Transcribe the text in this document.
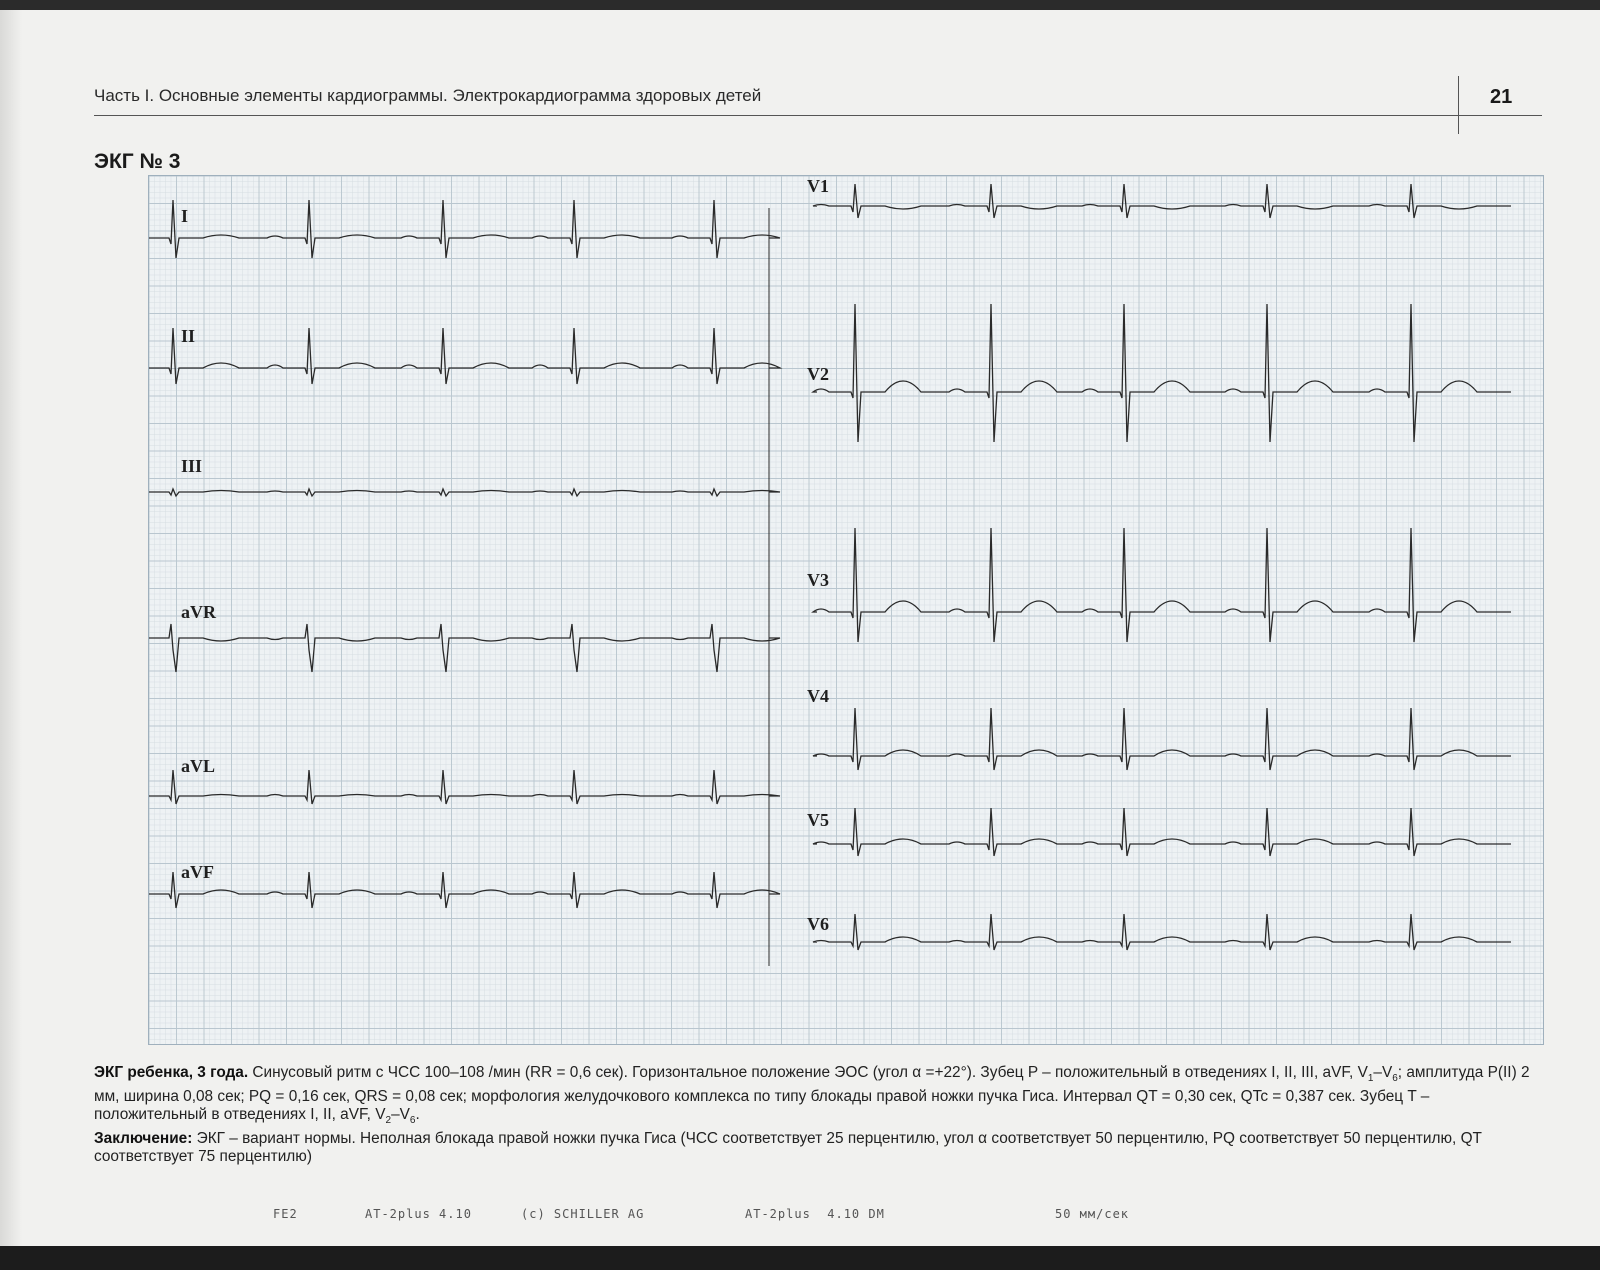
Часть I. Основные элементы кардиограммы. Электрокардиограмма здоровых детей	21
ЭКГ № 3
I
II
III
aVR
aVL
aVF
V1
V2
V3
V4
V5
V6
FE2	AT-2plus 4.10	(c) SCHILLER AG	AT-2plus  4.10 DM	50 мм/сек

ЭКГ ребенка, 3 года. Синусовый ритм с ЧСС 100–108 /мин (RR = 0,6 сек). Горизонтальное положение ЭОС (угол α =+22°). Зубец P – положительный в отведениях I, II, III, aVF, $V_1-V_6$; амплитуда P(II) 2 мм, ширина 0,08 сек; PQ = 0,16 сек, QRS = 0,08 сек; морфология желудочкового комплекса по типу блокады правой ножки пучка Гиса. Интервал QT = 0,30 сек, QTc = 0,387 сек. Зубец T – положительный в отведениях I, II, aVF, $V_2-V_6$.

Заключение: ЭКГ – вариант нормы. Неполная блокада правой ножки пучка Гиса (ЧСС соответствует 25 перцентилю, угол α соответствует 50 перцентилю, PQ соответствует 50 перцентилю, QT соответствует 75 перцентилю)
